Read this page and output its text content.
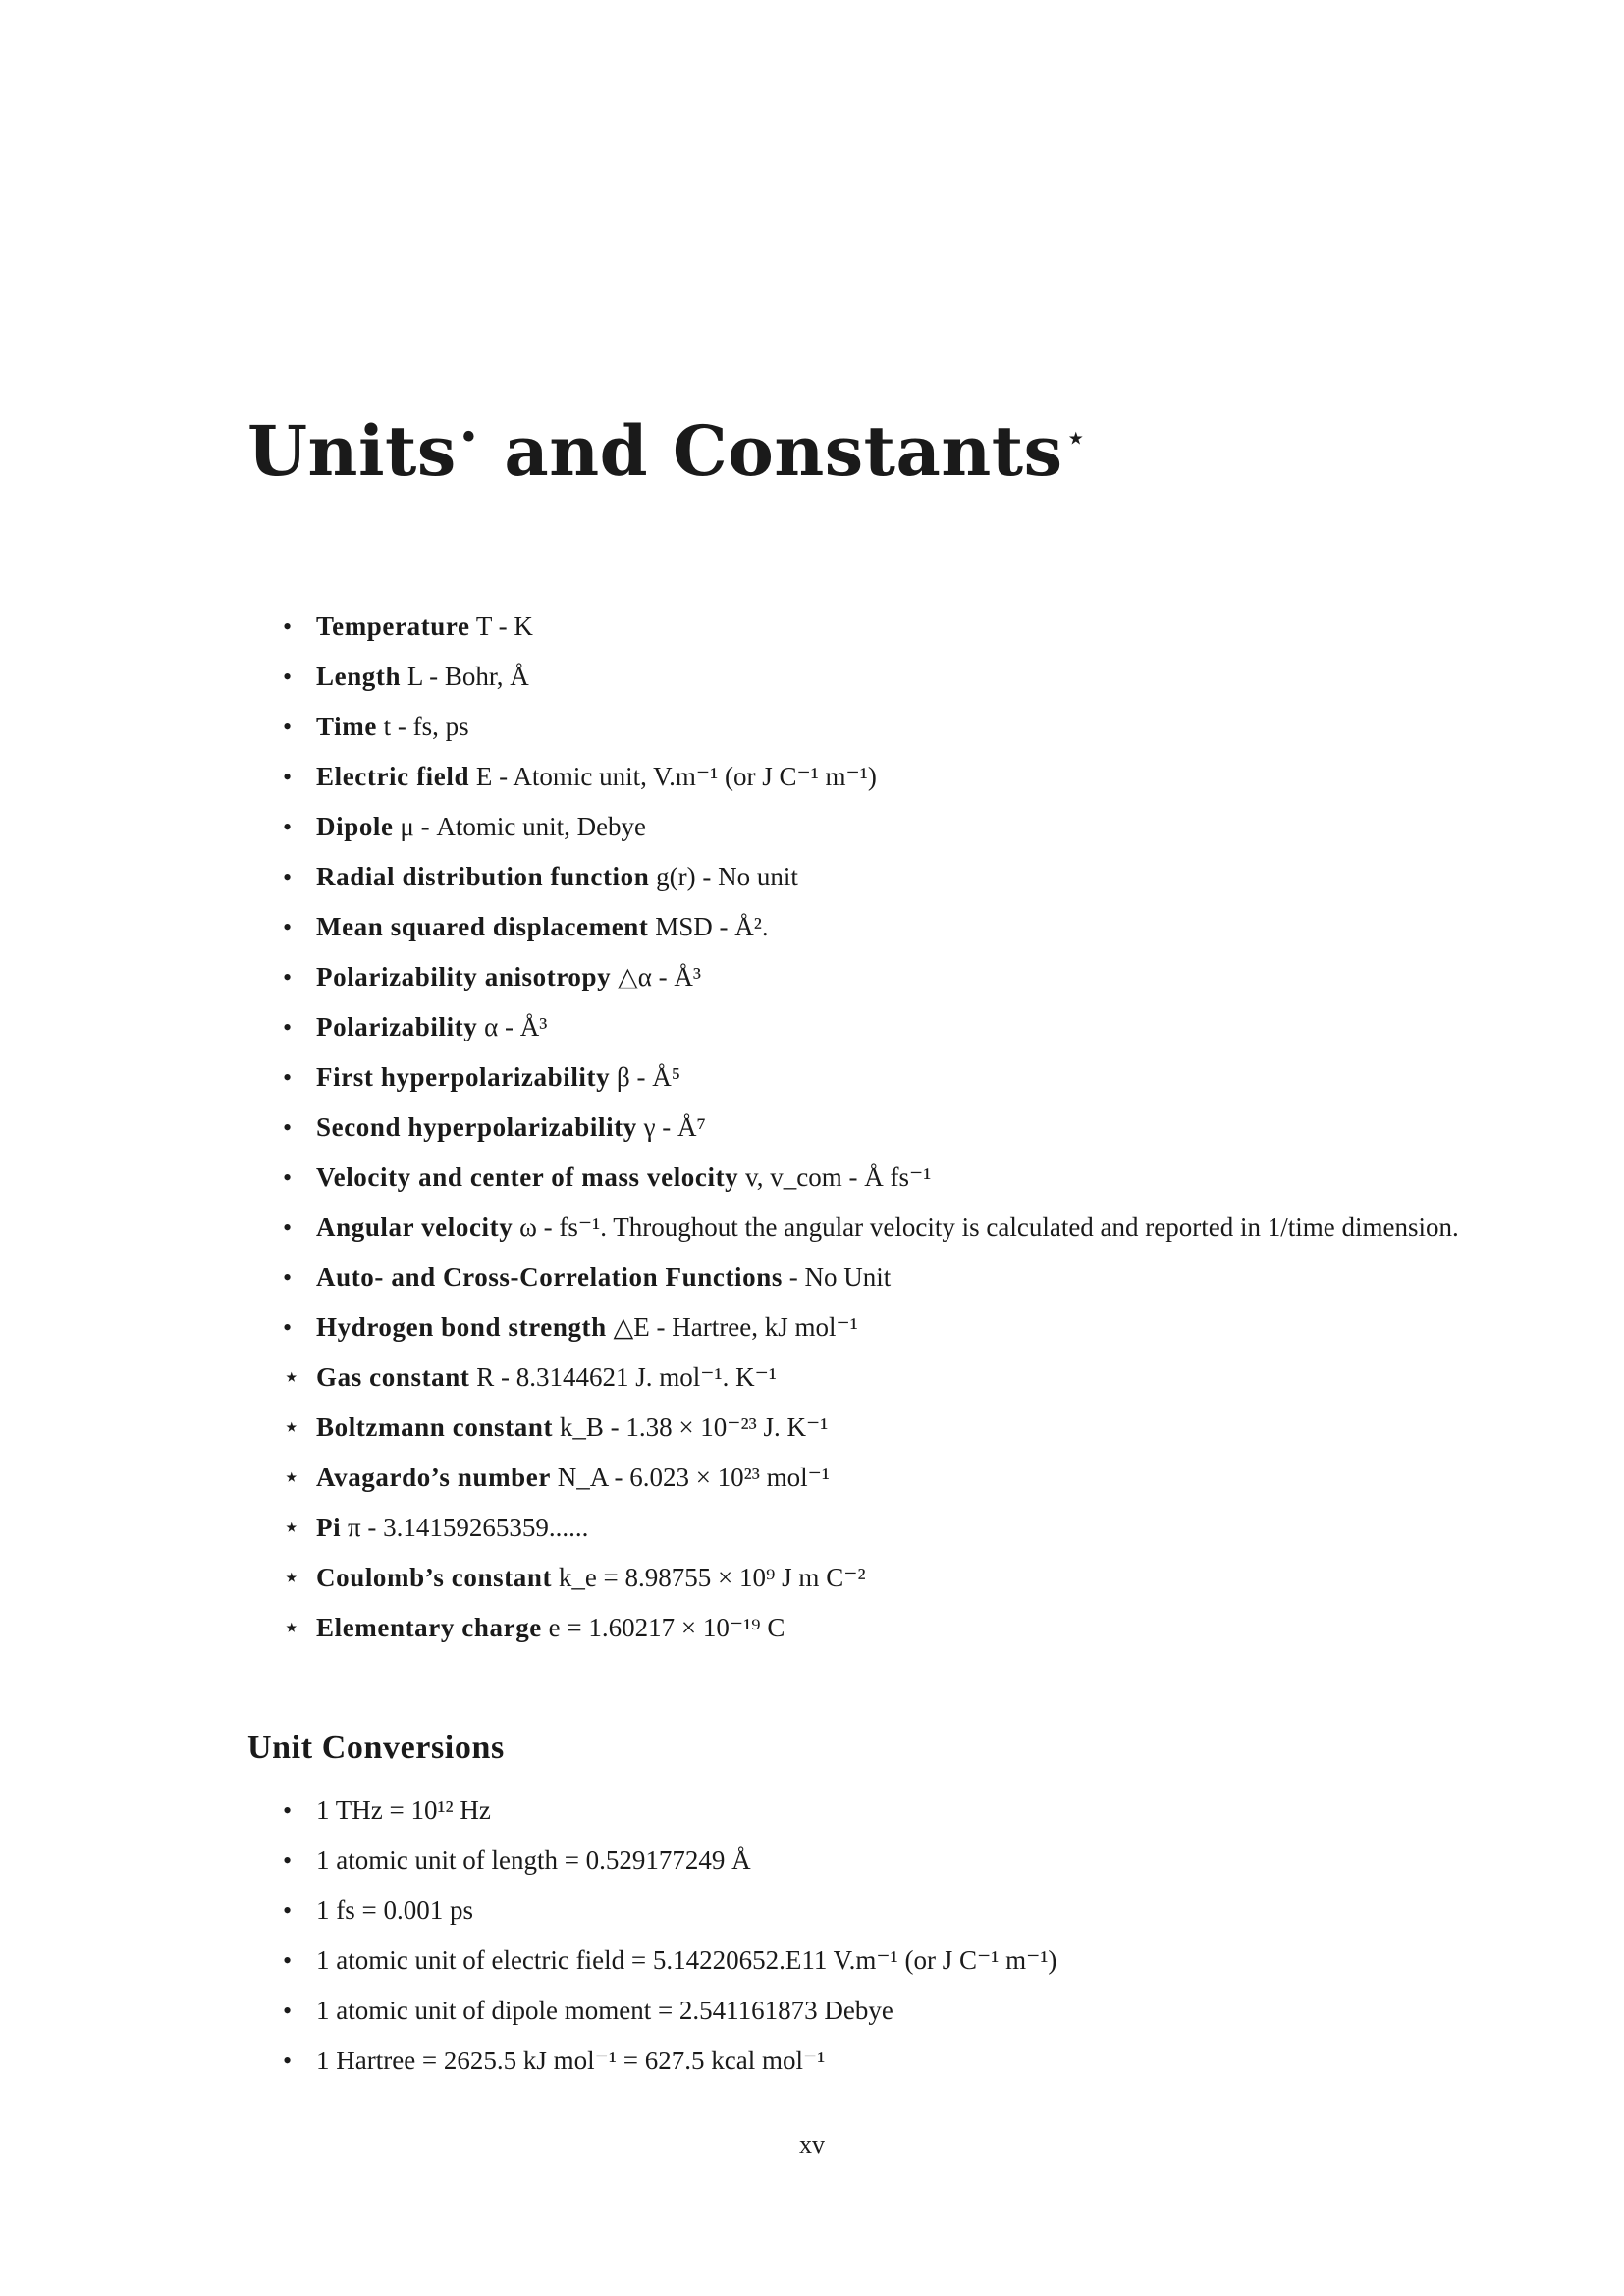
Units• and Constants⋆
•
Temperature T - K
•
Length L - Bohr, Å
•
Time t - fs, ps
•
Electric field E - Atomic unit, V.m⁻¹ (or J C⁻¹ m⁻¹)
•
Dipole μ - Atomic unit, Debye
•
Radial distribution function g(r) - No unit
•
Mean squared displacement MSD - Å².
•
Polarizability anisotropy △α - Å³
•
Polarizability α - Å³
•
First hyperpolarizability β - Å⁵
•
Second hyperpolarizability γ - Å⁷
•
Velocity and center of mass velocity v, v_com - Å fs⁻¹
•
Angular velocity ω - fs⁻¹. Throughout the angular velocity is calculated and reported in 1/time dimension.
•
Auto- and Cross-Correlation Functions - No Unit
•
Hydrogen bond strength △E - Hartree, kJ mol⁻¹
⋆
Gas constant R - 8.3144621 J. mol⁻¹. K⁻¹
⋆
Boltzmann constant k_B - 1.38 × 10⁻²³ J. K⁻¹
⋆
Avagardo’s number N_A - 6.023 × 10²³ mol⁻¹
⋆
Pi π - 3.14159265359......
⋆
Coulomb’s constant k_e = 8.98755 × 10⁹ J m C⁻²
⋆
Elementary charge e = 1.60217 × 10⁻¹⁹ C
Unit Conversions
•
1 THz = 10¹² Hz
•
1 atomic unit of length = 0.529177249 Å
•
1 fs = 0.001 ps
•
1 atomic unit of electric field = 5.14220652.E11 V.m⁻¹ (or J C⁻¹ m⁻¹)
•
1 atomic unit of dipole moment = 2.541161873 Debye
•
1 Hartree = 2625.5 kJ mol⁻¹ = 627.5 kcal mol⁻¹
xv
